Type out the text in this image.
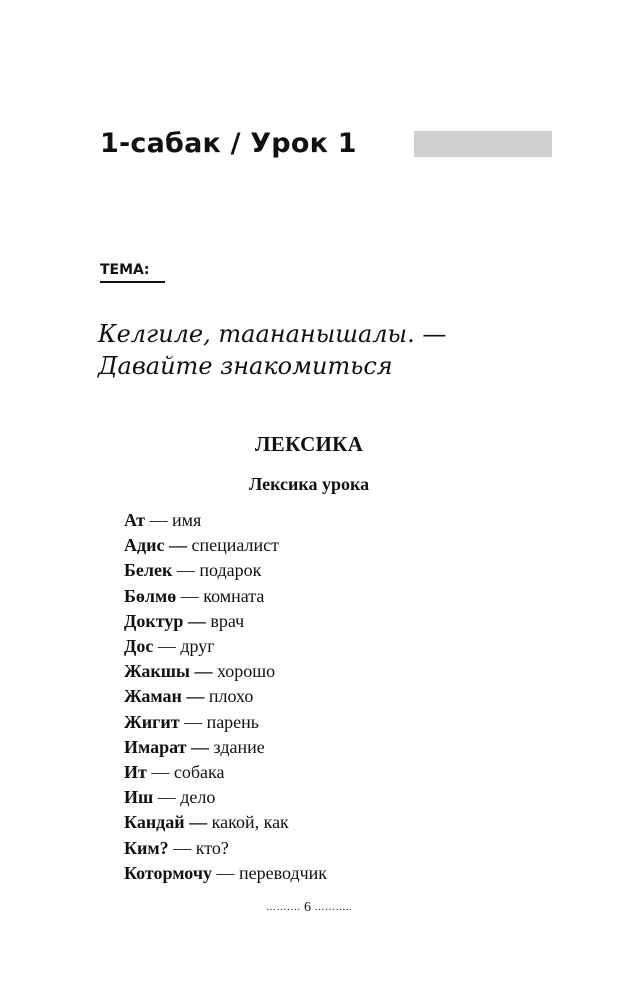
1-сабак / Урок 1
ТЕМА:
Келгиле, таананышалы. —
Давайте знакомиться
ЛЕКСИКА
Лексика урока
Ат — имя
Адис — специалист
Белек — подарок
Бөлмө — комната
Доктур — врач
Дос — друг
Жакшы — хорошо
Жаман — плохо
Жигит — парень
Имарат — здание
Ит — собака
Иш — дело
Кандай — какой, как
Ким? — кто?
Котормочу — переводчик
………. 6 ………..
